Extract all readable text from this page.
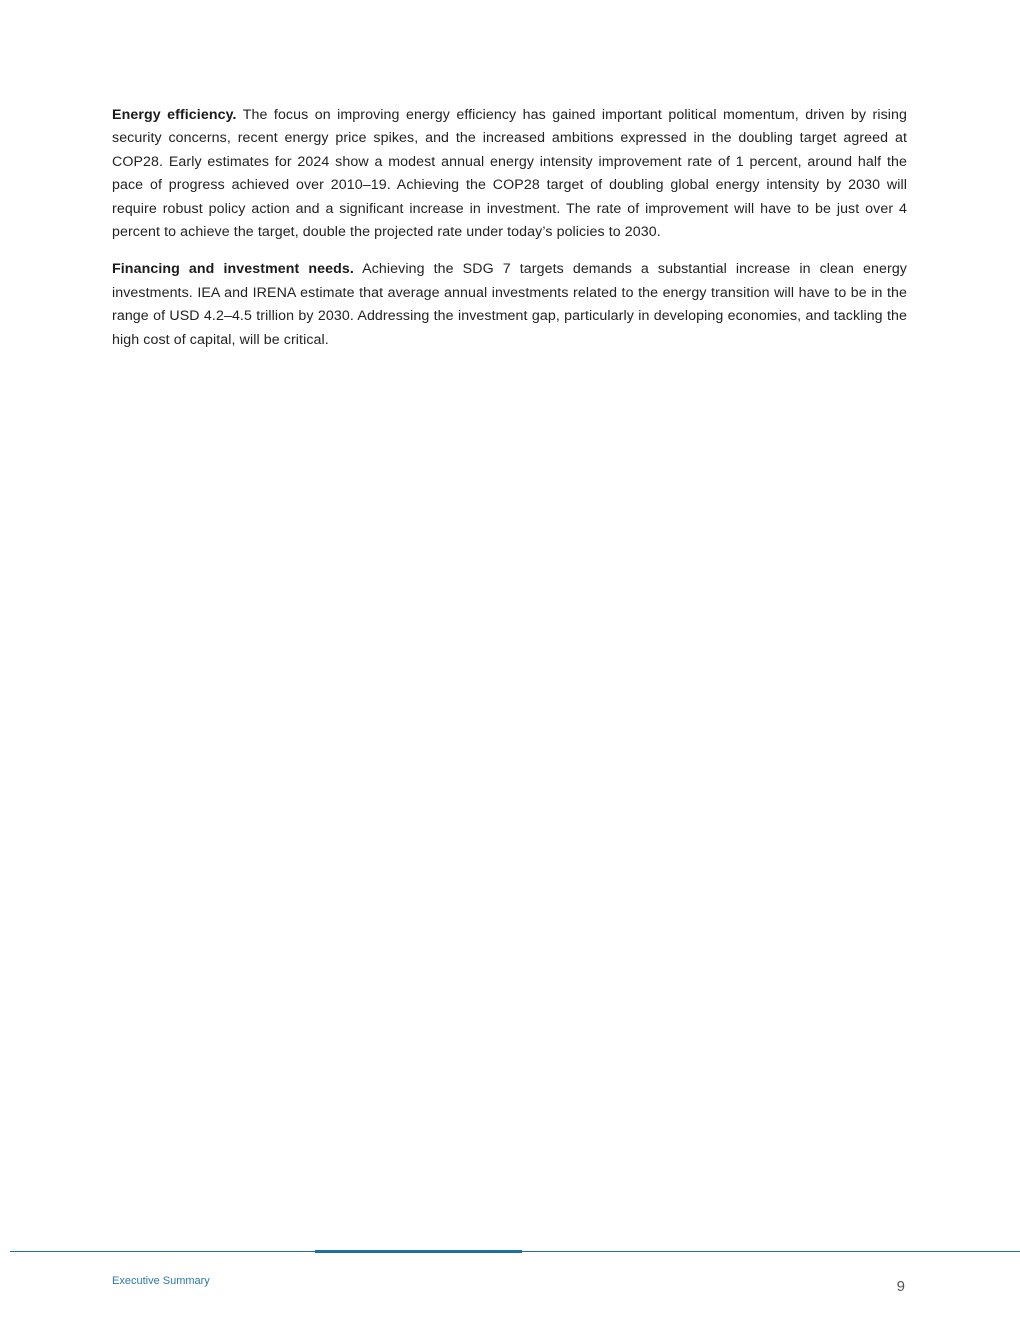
Energy efficiency. The focus on improving energy efficiency has gained important political momentum, driven by rising security concerns, recent energy price spikes, and the increased ambitions expressed in the doubling target agreed at COP28. Early estimates for 2024 show a modest annual energy intensity improvement rate of 1 percent, around half the pace of progress achieved over 2010–19. Achieving the COP28 target of doubling global energy intensity by 2030 will require robust policy action and a significant increase in investment. The rate of improvement will have to be just over 4 percent to achieve the target, double the projected rate under today’s policies to 2030.

Financing and investment needs. Achieving the SDG 7 targets demands a substantial increase in clean energy investments. IEA and IRENA estimate that average annual investments related to the energy transition will have to be in the range of USD 4.2–4.5 trillion by 2030. Addressing the investment gap, particularly in developing economies, and tackling the high cost of capital, will be critical.

Executive Summary	9
